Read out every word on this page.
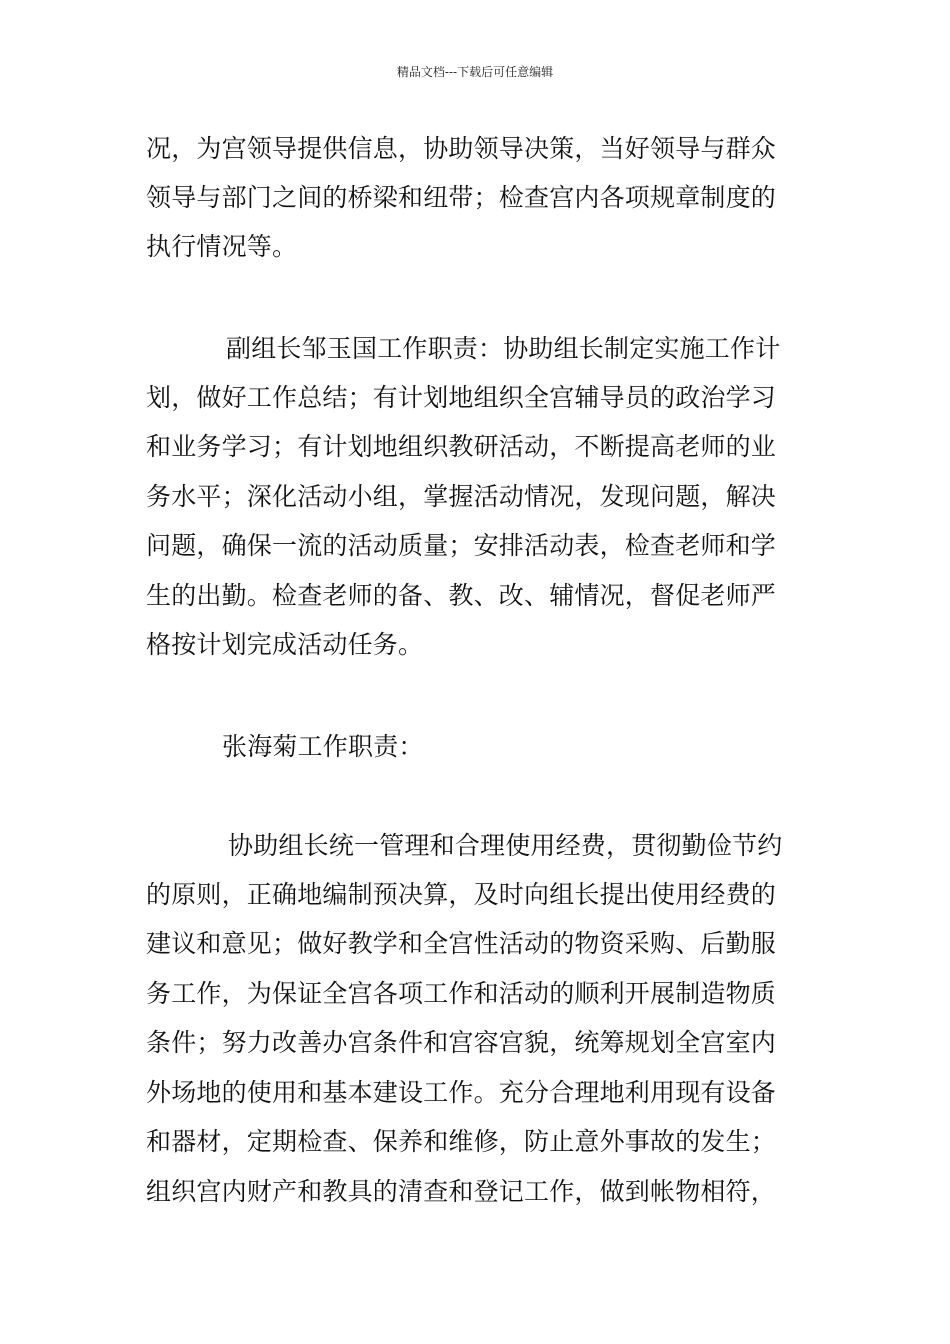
精品文档---下载后可任意编辑
况，为宫领导提供信息，协助领导决策，当好领导与群众
领导与部门之间的桥梁和纽带；检查宫内各项规章制度的
执行情况等。
副组长邹玉国工作职责：协助组长制定实施工作计
划，做好工作总结；有计划地组织全宫辅导员的政治学习
和业务学习；有计划地组织教研活动，不断提高老师的业
务水平；深化活动小组，掌握活动情况，发现问题，解决
问题，确保一流的活动质量；安排活动表，检查老师和学
生的出勤。检查老师的备、教、改、辅情况，督促老师严
格按计划完成活动任务。
张海菊工作职责：
协助组长统一管理和合理使用经费，贯彻勤俭节约
的原则，正确地编制预决算，及时向组长提出使用经费的
建议和意见；做好教学和全宫性活动的物资采购、后勤服
务工作，为保证全宫各项工作和活动的顺利开展制造物质
条件；努力改善办宫条件和宫容宫貌，统筹规划全宫室内
外场地的使用和基本建设工作。充分合理地利用现有设备
和器材，定期检查、保养和维修，防止意外事故的发生；
组织宫内财产和教具的清查和登记工作，做到帐物相符，
